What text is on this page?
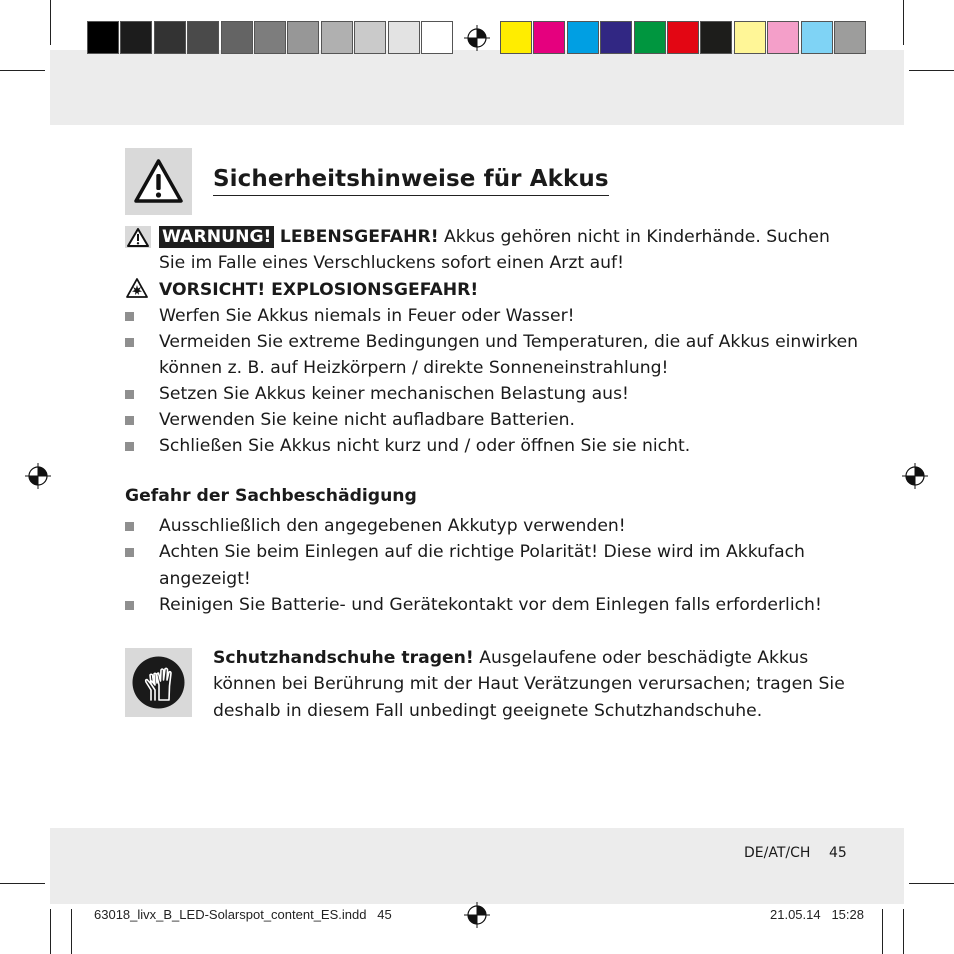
Sicherheitshinweise für Akkus
WARNUNG! LEBENSGEFAHR! Akkus gehören nicht in Kinderhände. Suchen
Sie im Falle eines Verschluckens sofort einen Arzt auf!
VORSICHT! EXPLOSIONSGEFAHR!
Werfen Sie Akkus niemals in Feuer oder Wasser!
Vermeiden Sie extreme Bedingungen und Temperaturen, die auf Akkus einwirken
können z. B. auf Heizkörpern / direkte Sonneneinstrahlung!
Setzen Sie Akkus keiner mechanischen Belastung aus!
Verwenden Sie keine nicht aufladbare Batterien.
Schließen Sie Akkus nicht kurz und / oder öffnen Sie sie nicht.
Gefahr der Sachbeschädigung
Ausschließlich den angegebenen Akkutyp verwenden!
Achten Sie beim Einlegen auf die richtige Polarität! Diese wird im Akkufach
angezeigt!
Reinigen Sie Batterie- und Gerätekontakt vor dem Einlegen falls erforderlich!
Schutzhandschuhe tragen! Ausgelaufene oder beschädigte Akkus
können bei Berührung mit der Haut Verätzungen verursachen; tragen Sie
deshalb in diesem Fall unbedingt geeignete Schutzhandschuhe.
DE/AT/CH 45
63018_livx_B_LED-Solarspot_content_ES.indd   45	21.05.14   15:28
